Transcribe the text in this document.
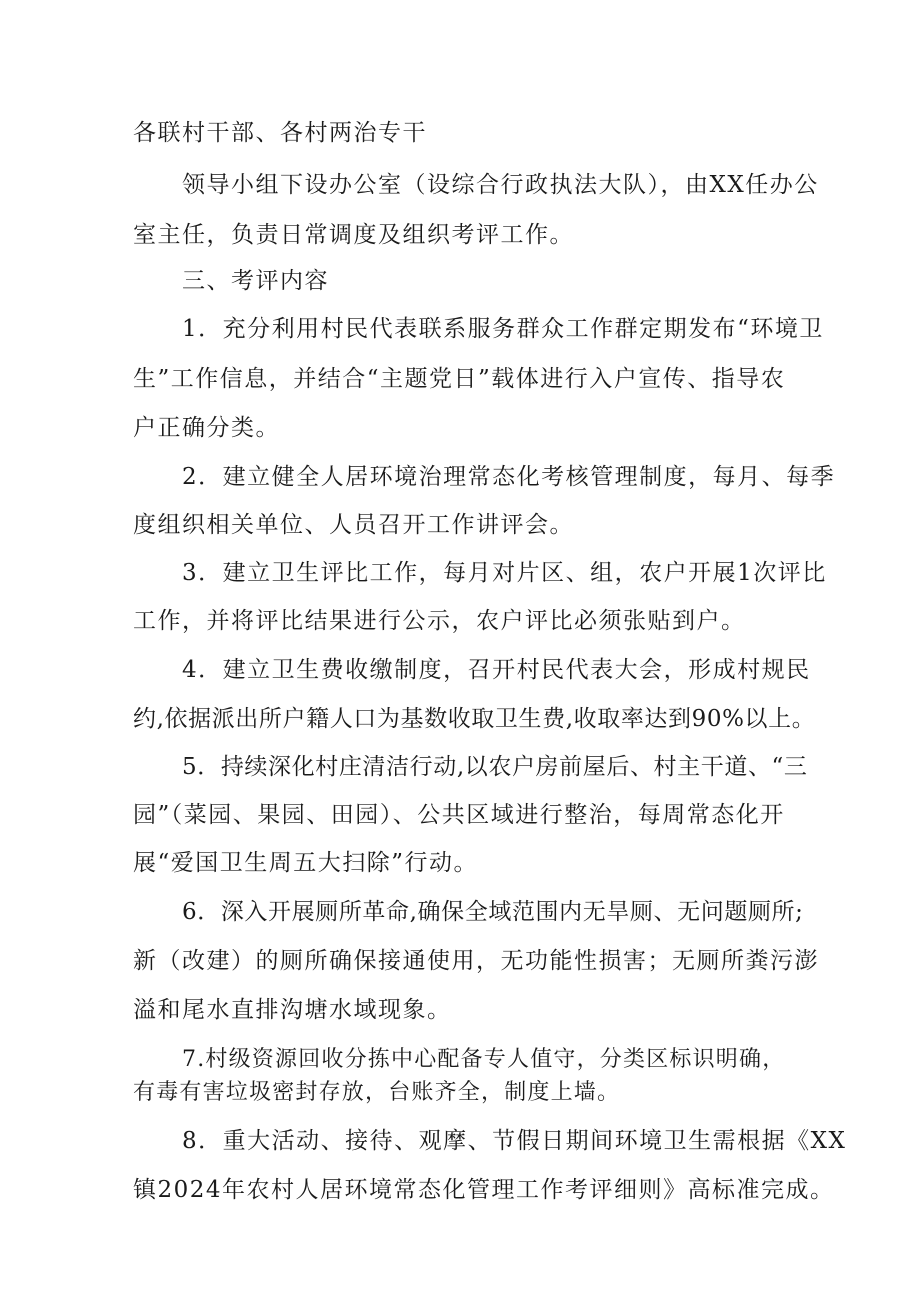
各联村干部、各村两治专干
领导小组下设办公室（设综合行政执法大队），由XX任办公
室主任，负责日常调度及组织考评工作。
三、考评内容
1．充分利用村民代表联系服务群众工作群定期发布“环境卫
生”工作信息，并结合“主题党日”载体进行入户宣传、指导农
户正确分类。
2．建立健全人居环境治理常态化考核管理制度，每月、每季
度组织相关单位、人员召开工作讲评会。
3．建立卫生评比工作，每月对片区、组，农户开展1次评比
工作，并将评比结果进行公示，农户评比必须张贴到户。
4．建立卫生费收缴制度，召开村民代表大会，形成村规民
约,依据派出所户籍人口为基数收取卫生费,收取率达到90%以上。
5．持续深化村庄清洁行动,以农户房前屋后、村主干道、“三
园”（菜园、果园、田园）、公共区域进行整治，每周常态化开
展“爱国卫生周五大扫除”行动。
6．深入开展厕所革命,确保全域范围内无旱厕、无问题厕所;
新（改建）的厕所确保接通使用，无功能性损害；无厕所粪污澎
溢和尾水直排沟塘水域现象。
7.村级资源回收分拣中心配备专人值守，分类区标识明确，
有毒有害垃圾密封存放，台账齐全，制度上墙。
8．重大活动、接待、观摩、节假日期间环境卫生需根据《XX
镇2024年农村人居环境常态化管理工作考评细则》高标准完成。
